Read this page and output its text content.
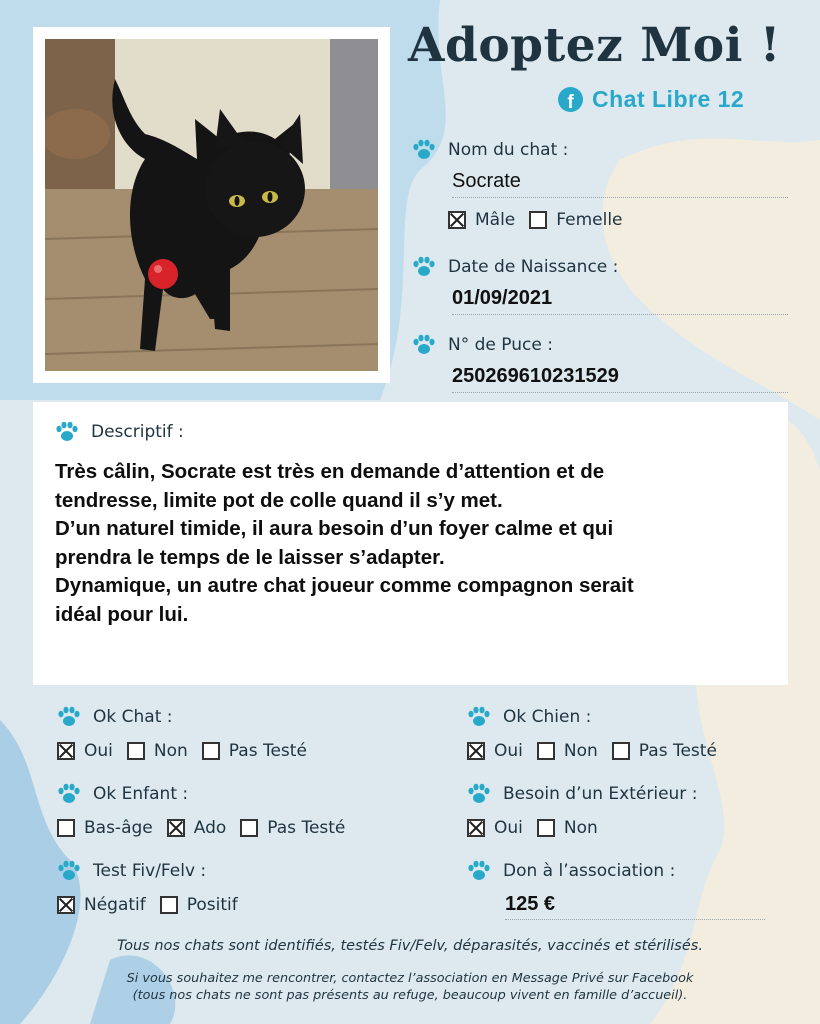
Adoptez Moi !
f Chat Libre 12
Nom du chat :
Socrate
Mâle Femelle
Date de Naissance :
01/09/2021
N° de Puce :
250269610231529
Descriptif :

Très câlin, Socrate est très en demande d’attention et de

tendresse, limite pot de colle quand il s’y met.

D’un naturel timide, il aura besoin d’un foyer calme et qui

prendra le temps de le laisser s’adapter.

Dynamique, un autre chat joueur comme compagnon serait

idéal pour lui.

Ok Chat :
Oui Non Pas Testé
Ok Chien :
Oui Non Pas Testé
Ok Enfant :
Bas-âge Ado Pas Testé
Besoin d’un Extérieur :
Oui Non
Test Fiv/Felv :
Négatif Positif
Don à l’association :
125 €
Tous nos chats sont identifiés, testés Fiv/Felv, déparasités, vaccinés et stérilisés.
Si vous souhaitez me rencontrer, contactez l’association en Message Privé sur Facebook
(tous nos chats ne sont pas présents au refuge, beaucoup vivent en famille d’accueil).
